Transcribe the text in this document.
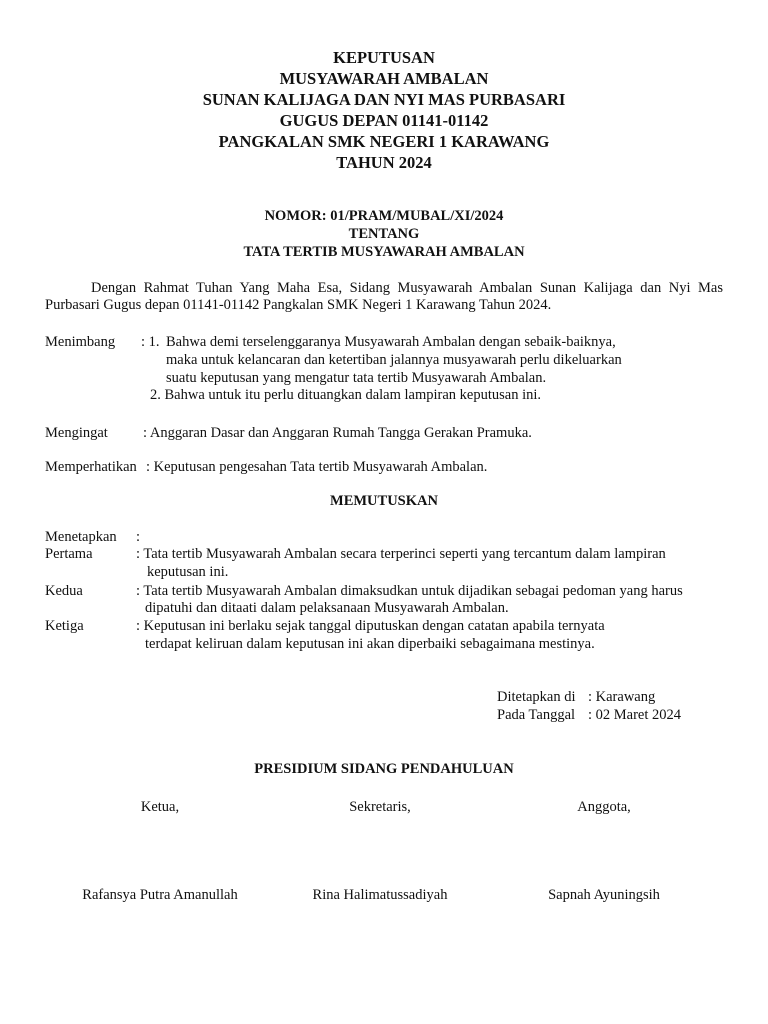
KEPUTUSAN
MUSYAWARAH AMBALAN
SUNAN KALIJAGA DAN NYI MAS PURBASARI
GUGUS DEPAN 01141-01142
PANGKALAN SMK NEGERI 1 KARAWANG
TAHUN 2024
NOMOR: 01/PRAM/MUBAL/XI/2024
TENTANG
TATA TERTIB MUSYAWARAH AMBALAN
Dengan Rahmat Tuhan Yang Maha Esa, Sidang Musyawarah Ambalan Sunan Kalijaga dan Nyi Mas
Purbasari Gugus depan 01141-01142 Pangkalan SMK Negeri 1 Karawang Tahun 2024.
Menimbang : 1. Bahwa demi terselenggaranya Musyawarah Ambalan dengan sebaik-baiknya,
maka untuk kelancaran dan ketertiban jalannya musyawarah perlu dikeluarkan
suatu keputusan yang mengatur tata tertib Musyawarah Ambalan.
2. Bahwa untuk itu perlu dituangkan dalam lampiran keputusan ini.
Mengingat : Anggaran Dasar dan Anggaran Rumah Tangga Gerakan Pramuka.
Memperhatikan : Keputusan pengesahan Tata tertib Musyawarah Ambalan.
MEMUTUSKAN
Menetapkan :
Pertama	: Tata tertib Musyawarah Ambalan secara terperinci seperti yang tercantum dalam lampiran
keputusan ini.
Kedua	: Tata tertib Musyawarah Ambalan dimaksudkan untuk dijadikan sebagai pedoman yang harus
dipatuhi dan ditaati dalam pelaksanaan Musyawarah Ambalan.
Ketiga	: Keputusan ini berlaku sejak tanggal diputuskan dengan catatan apabila ternyata
terdapat keliruan dalam keputusan ini akan diperbaiki sebagaimana mestinya.
Ditetapkan di : Karawang
Pada Tanggal : 02 Maret 2024
PRESIDIUM SIDANG PENDAHULUAN
Ketua,	Sekretaris,	Anggota,
Rafansya Putra Amanullah	Rina Halimatussadiyah	Sapnah Ayuningsih
